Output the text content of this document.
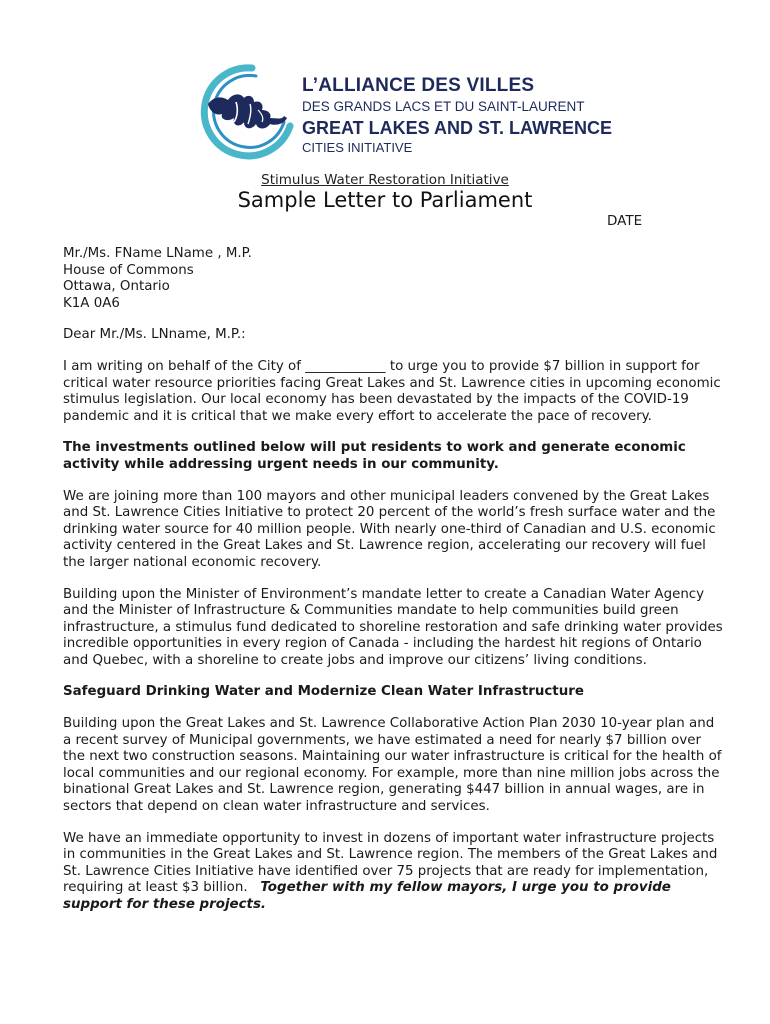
L’ALLIANCE DES VILLES
DES GRANDS LACS ET DU SAINT-LAURENT
GREAT LAKES AND ST. LAWRENCE
CITIES INITIATIVE
Stimulus Water Restoration Initiative
Sample Letter to Parliament
DATE
Mr./Ms. FName LName , M.P.
House of Commons
Ottawa, Ontario
K1A 0A6

Dear Mr./Ms. LNname, M.P.:

I am writing on behalf of the City of ____________ to urge you to provide $7 billion in support for critical water resource priorities facing Great Lakes and St. Lawrence cities in upcoming economic stimulus legislation. Our local economy has been devastated by the impacts of the COVID-19 pandemic and it is critical that we make every effort to accelerate the pace of recovery.

The investments outlined below will put residents to work and generate economic activity while addressing urgent needs in our community.

We are joining more than 100 mayors and other municipal leaders convened by the Great Lakes and St. Lawrence Cities Initiative to protect 20 percent of the world’s fresh surface water and the drinking water source for 40 million people. With nearly one-third of Canadian and U.S. economic activity centered in the Great Lakes and St. Lawrence region, accelerating our recovery will fuel the larger national economic recovery.

Building upon the Minister of Environment’s mandate letter to create a Canadian Water Agency and the Minister of Infrastructure & Communities mandate to help communities build green infrastructure, a stimulus fund dedicated to shoreline restoration and safe drinking water provides incredible opportunities in every region of Canada - including the hardest hit regions of Ontario and Quebec, with a shoreline to create jobs and improve our citizens’ living conditions.

Safeguard Drinking Water and Modernize Clean Water Infrastructure

Building upon the Great Lakes and St. Lawrence Collaborative Action Plan 2030 10-year plan and a recent survey of Municipal governments, we have estimated a need for nearly $7 billion over the next two construction seasons. Maintaining our water infrastructure is critical for the health of local communities and our regional economy. For example, more than nine million jobs across the binational Great Lakes and St. Lawrence region, generating $447 billion in annual wages, are in sectors that depend on clean water infrastructure and services.

We have an immediate opportunity to invest in dozens of important water infrastructure projects in communities in the Great Lakes and St. Lawrence region. The members of the Great Lakes and St. Lawrence Cities Initiative have identified over 75 projects that are ready for implementation, requiring at least $3 billion. Together with my fellow mayors, I urge you to provide support for these projects.
